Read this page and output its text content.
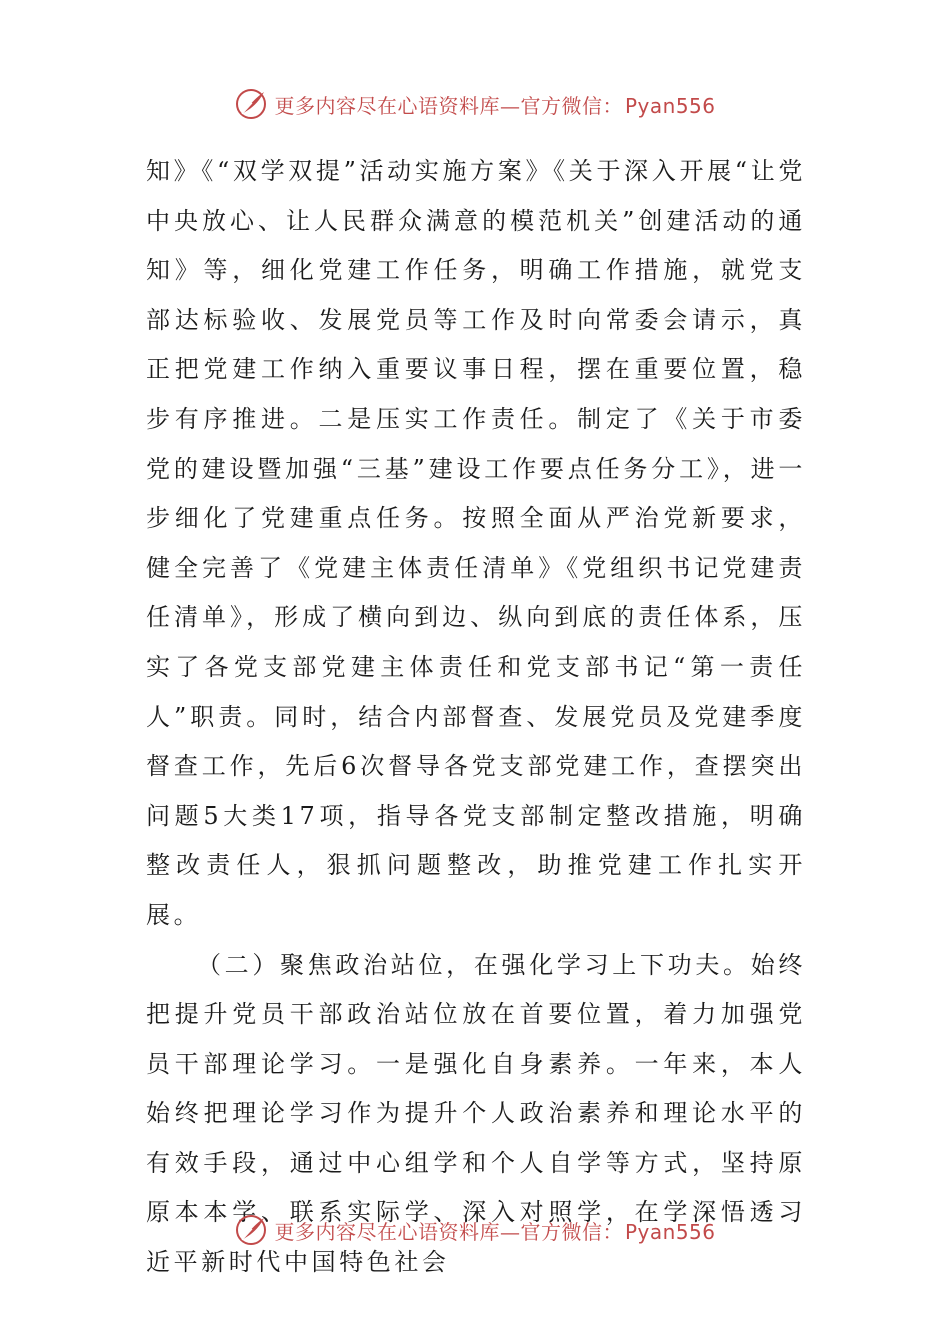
更多内容尽在心语资料库—官方微信： Pyan556

知》《“双学双提”活动实施方案》《关于深入开展“让党中央放心、让人民群众满意的模范机关”创建活动的通知》等，细化党建工作任务，明确工作措施，就党支部达标验收、发展党员等工作及时向常委会请示，真正把党建工作纳入重要议事日程，摆在重要位置，稳步有序推进。二是压实工作责任。制定了《关于市委党的建设暨加强“三基”建设工作要点任务分工》，进一步细化了党建重点任务。按照全面从严治党新要求，健全完善了《党建主体责任清单》《党组织书记党建责任清单》，形成了横向到边、纵向到底的责任体系，压实了各党支部党建主体责任和党支部书记“第一责任人”职责。同时，结合内部督查、发展党员及党建季度督查工作，先后6次督导各党支部党建工作，查摆突出问题5大类17项，指导各党支部制定整改措施，明确整改责任人，狠抓问题整改，助推党建工作扎实开展。

（二）聚焦政治站位，在强化学习上下功夫。始终把提升党员干部政治站位放在首要位置，着力加强党员干部理论学习。一是强化自身素养。一年来，本人始终把理论学习作为提升个人政治素养和理论水平的有效手段，通过中心组学和个人自学等方式，坚持原原本本学、联系实际学、深入对照学，在学深悟透习近平新时代中国特色社会

更多内容尽在心语资料库—官方微信： Pyan556
